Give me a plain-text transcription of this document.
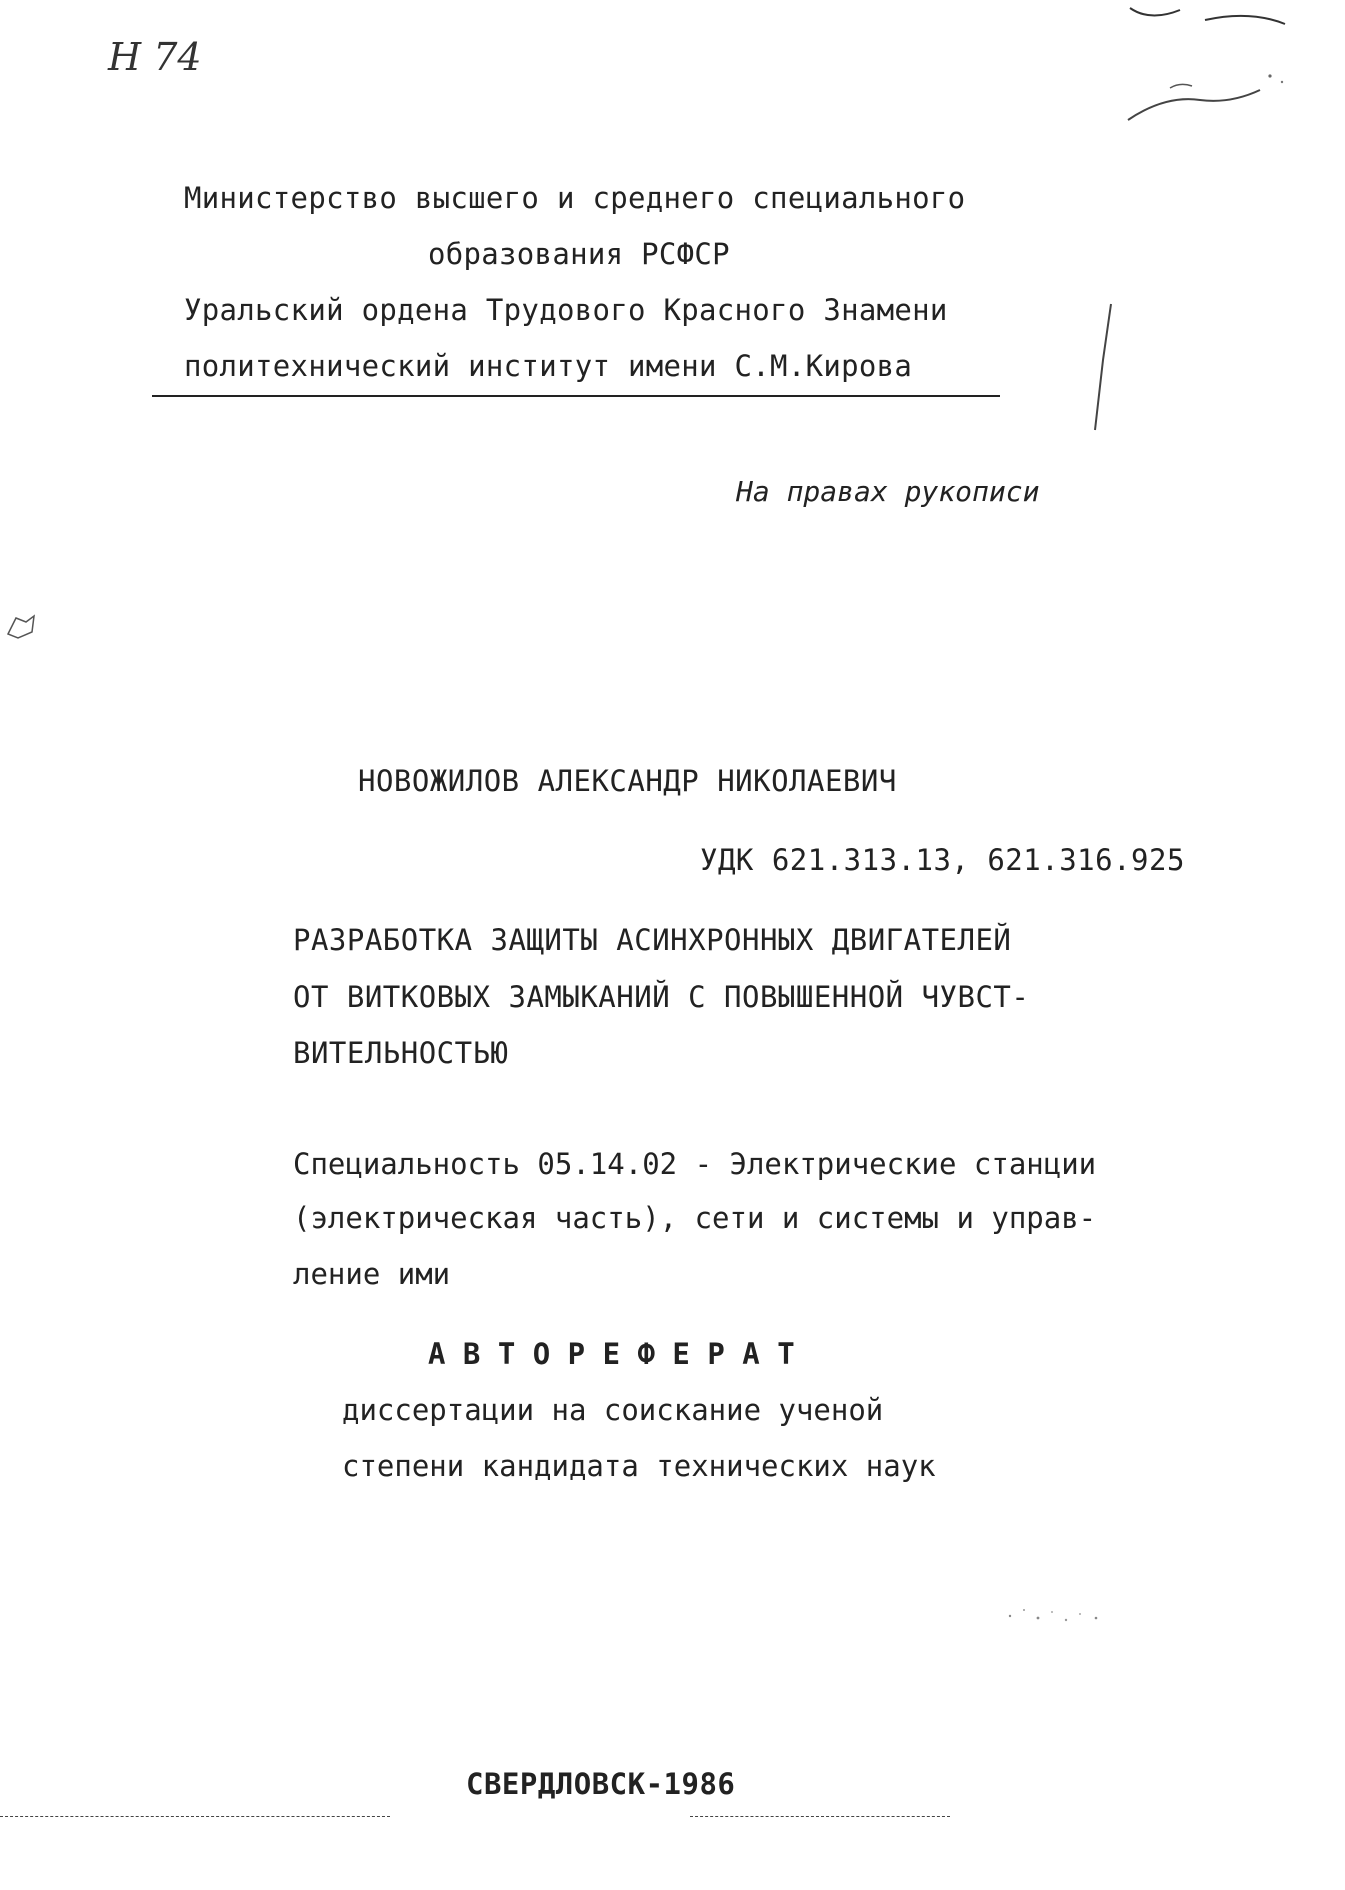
Н 74
Министерство высшего и среднего специального
образования РСФСР
Уральский ордена Трудового Красного Знамени
политехнический институт имени С.М.Кирова
На правах рукописи
НОВОЖИЛОВ АЛЕКСАНДР НИКОЛАЕВИЧ
УДК 621.313.13, 621.316.925
РАЗРАБОТКА ЗАЩИТЫ АСИНХРОННЫХ ДВИГАТЕЛЕЙ
ОТ ВИТКОВЫХ ЗАМЫКАНИЙ С ПОВЫШЕННОЙ ЧУВСТ-
ВИТЕЛЬНОСТЬЮ
Специальность 05.14.02 - Электрические станции
(электрическая часть), сети и системы и управ-
ление ими
А В Т О Р Е Ф Е Р А Т
диссертации на соискание ученой
степени кандидата технических наук
СВЕРДЛОВСК-1986
